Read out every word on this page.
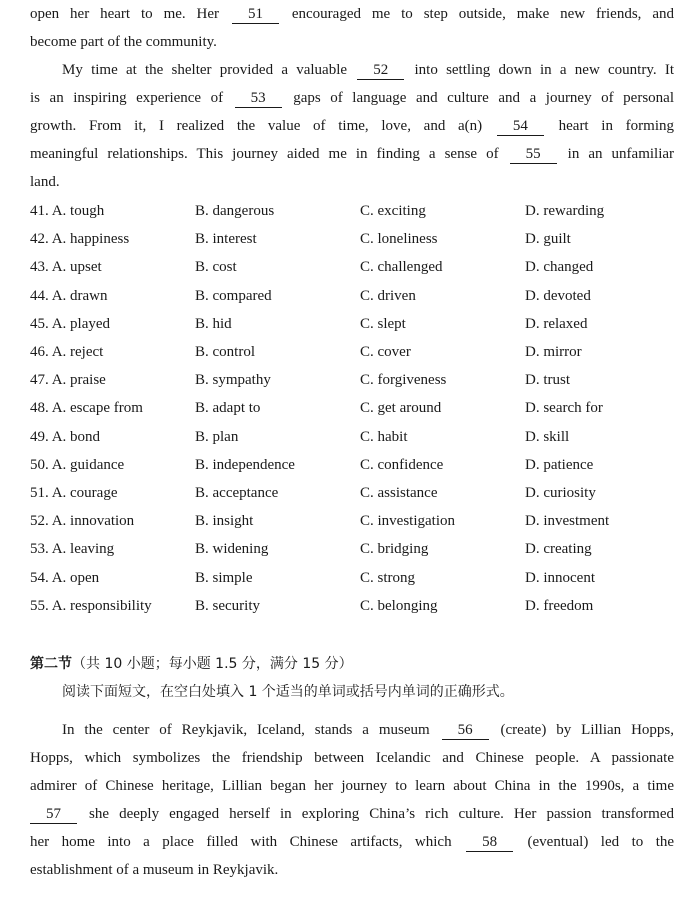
open her heart to me. Her 51 encouraged me to step outside, make new friends, and
become part of the community.
My time at the shelter provided a valuable 52 into settling down in a new country. It
is an inspiring experience of 53 gaps of language and culture and a journey of personal
growth. From it, I realized the value of time, love, and a(n) 54 heart in forming
meaningful relationships. This journey aided me in finding a sense of 55 in an unfamiliar
land.
41. A. tough	B. dangerous	C. exciting	D. rewarding
42. A. happiness	B. interest	C. loneliness	D. guilt
43. A. upset	B. cost	C. challenged	D. changed
44. A. drawn	B. compared	C. driven	D. devoted
45. A. played	B. hid	C. slept	D. relaxed
46. A. reject	B. control	C. cover	D. mirror
47. A. praise	B. sympathy	C. forgiveness	D. trust
48. A. escape from	B. adapt to	C. get around	D. search for
49. A. bond	B. plan	C. habit	D. skill
50. A. guidance	B. independence	C. confidence	D. patience
51. A. courage	B. acceptance	C. assistance	D. curiosity
52. A. innovation	B. insight	C. investigation	D. investment
53. A. leaving	B. widening	C. bridging	D. creating
54. A. open	B. simple	C. strong	D. innocent
55. A. responsibility	B. security	C. belonging	D. freedom
第二节（共 10 小题；每小题 1.5 分，满分 15 分）
阅读下面短文，在空白处填入 1 个适当的单词或括号内单词的正确形式。
In the center of Reykjavik, Iceland, stands a museum 56 (create) by Lillian Hopps,
Hopps, which symbolizes the friendship between Icelandic and Chinese people. A passionate
admirer of Chinese heritage, Lillian began her journey to learn about China in the 1990s, a time
57 she deeply engaged herself in exploring China’s rich culture. Her passion transformed
her home into a place filled with Chinese artifacts, which 58 (eventual) led to the
establishment of a museum in Reykjavik.
